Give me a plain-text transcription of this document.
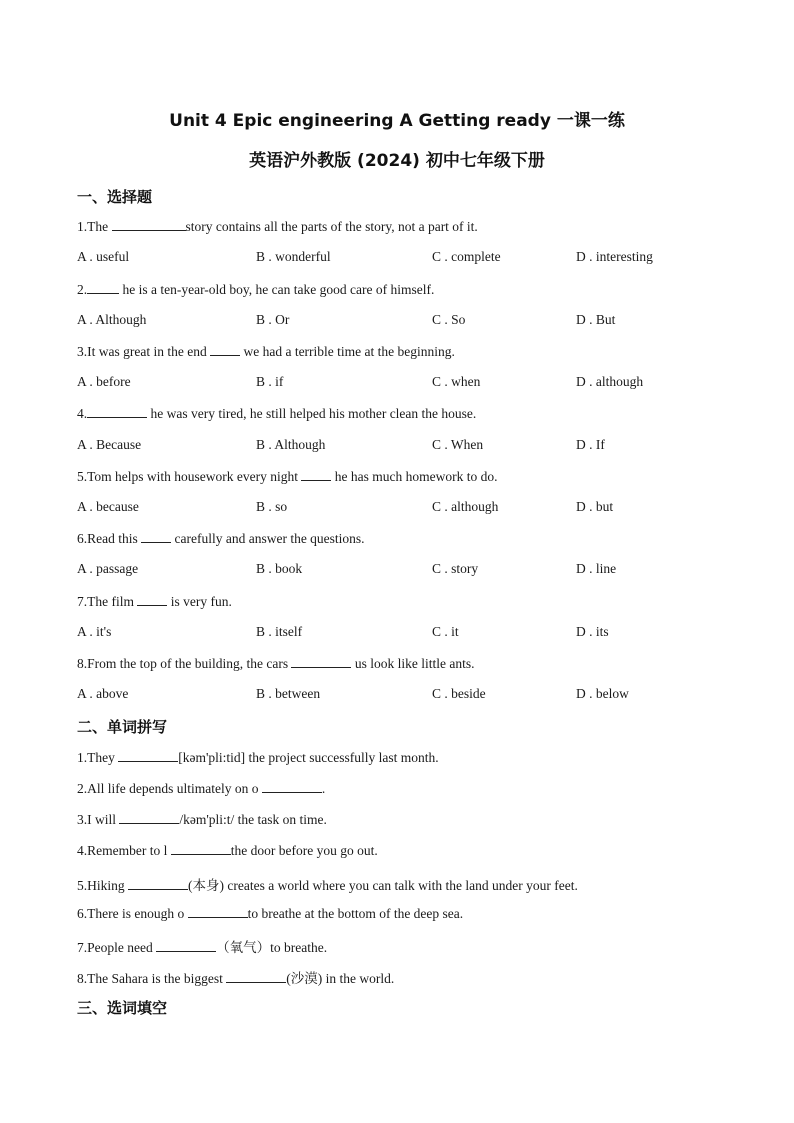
Unit 4 Epic engineering A Getting ready 一课一练
英语沪外教版 (2024) 初中七年级下册
一、选择题
1.The	story contains all the parts of the story, not a part of it.
A . useful	B . wonderful	C . complete	D . interesting
2. he is a ten-year-old boy, he can take good care of himself.
A . Although	B . Or	C . So	D . But
3.It was great in the end  we had a terrible time at the beginning.
A . before	B . if	C . when	D . although
4.	he was very tired, he still helped his mother clean the house.
A . Because	B . Although	C . When	D . If
5.Tom helps with housework every night  he has much homework to do.
A . because	B . so	C . although	D . but
6.Read this  carefully and answer the questions.
A . passage	B . book	C . story	D . line
7.The film  is very fun.
A . it's	B . itself	C . it	D . its
8.From the top of the building, the cars	us look like little ants.
A . above	B . between	C . beside	D . below
二、单词拼写
1.They	[kəm'pli:tid] the project successfully last month.
2.All life depends ultimately on o	.
3.I will	/kəm'pli:t/ the task on time.
4.Remember to l	the door before you go out.
5.Hiking	(本身) creates a world where you can talk with the land under your feet.
6.There is enough o	to breathe at the bottom of the deep sea.
7.People need	（氧气）to breathe.
8.The Sahara is the biggest	(沙漠) in the world.
三、选词填空
